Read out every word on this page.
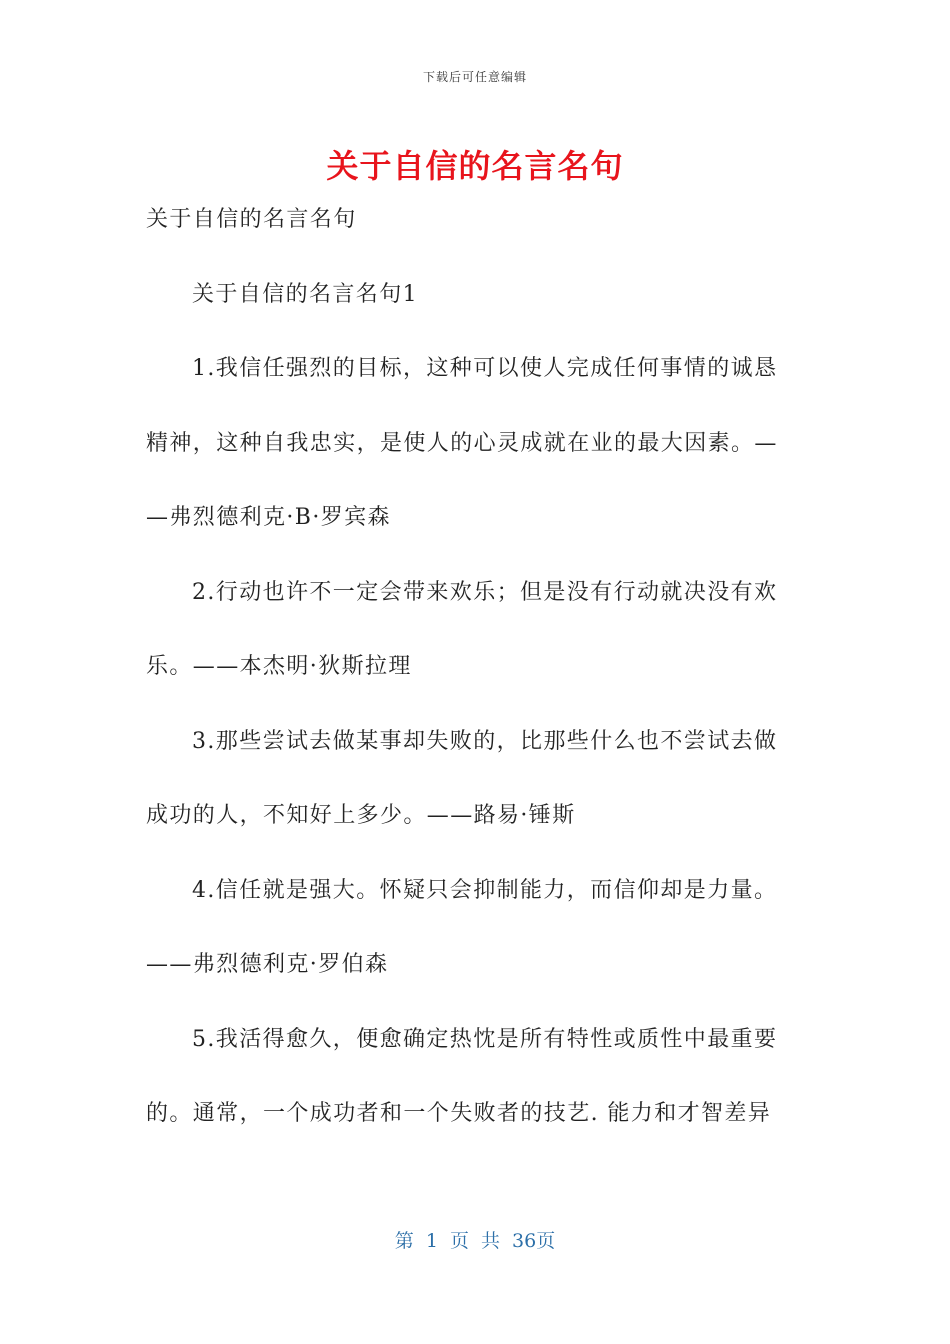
下载后可任意编辑
关于自信的名言名句
关于自信的名言名句
关于自信的名言名句1
1.我信任强烈的目标，这种可以使人完成任何事情的诚恳
精神，这种自我忠实，是使人的心灵成就在业的最大因素。—
—弗烈德利克·B·罗宾森
2.行动也许不一定会带来欢乐；但是没有行动就决没有欢
乐。——本杰明·狄斯拉理
3.那些尝试去做某事却失败的，比那些什么也不尝试去做
成功的人，不知好上多少。——路易·锤斯
4.信任就是强大。怀疑只会抑制能力，而信仰却是力量。
——弗烈德利克·罗伯森
5.我活得愈久，便愈确定热忱是所有特性或质性中最重要
的。通常，一个成功者和一个失败者的技艺. 能力和才智差异
第 1 页 共 36页
